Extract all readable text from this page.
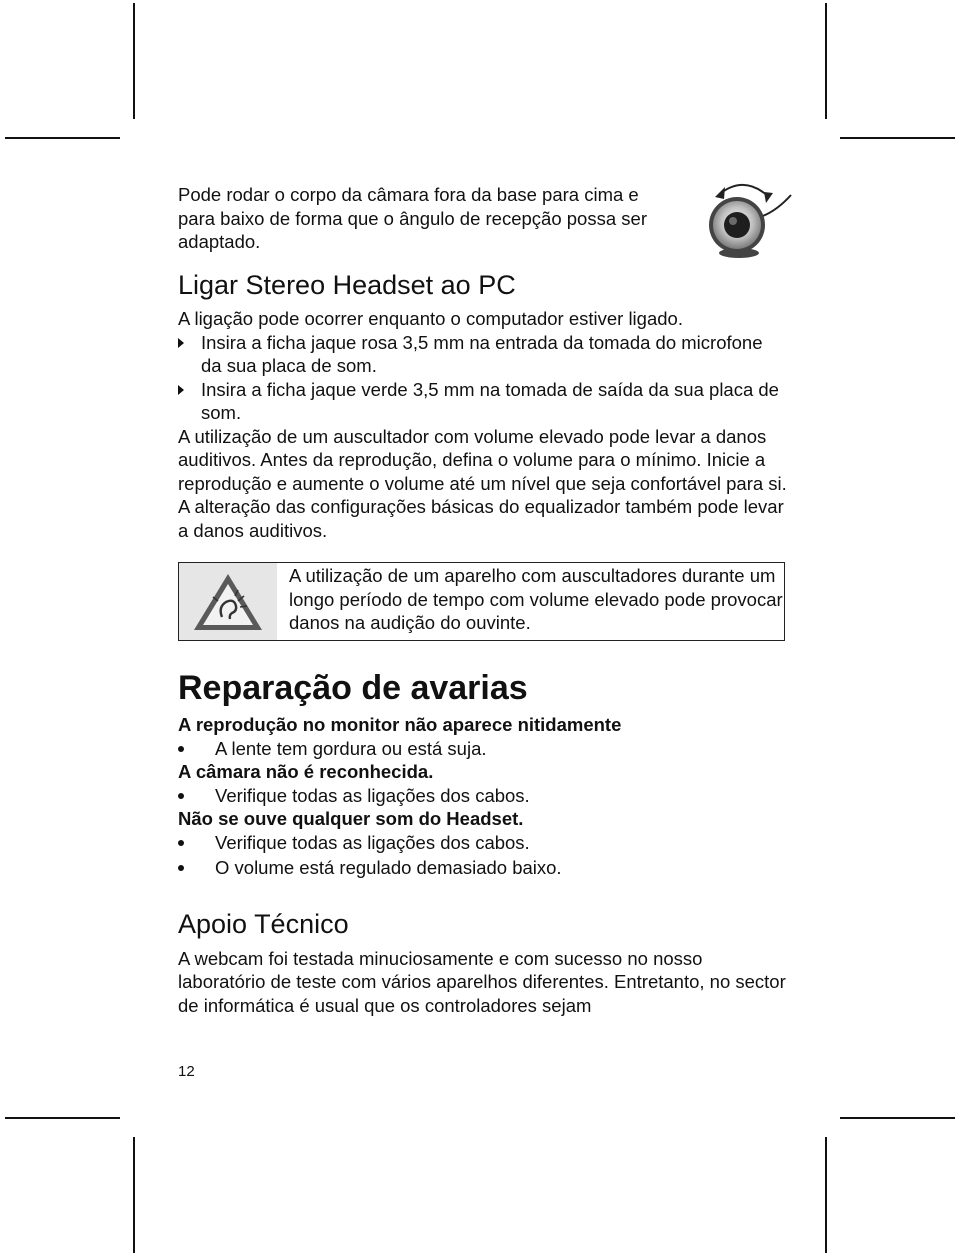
Pode rodar o corpo da câmara fora da base para cima e para baixo de forma que o ângulo de recepção possa ser adaptado.

Ligar Stereo Headset ao PC

A ligação pode ocorrer enquanto o computador estiver ligado.

Insira a ficha jaque rosa 3,5 mm na entrada da tomada do microfone da sua placa de som.

Insira a ficha jaque verde 3,5 mm na tomada de saída da sua placa de som.

A utilização de um auscultador com volume elevado pode levar a danos auditivos. Antes da reprodução, defina o volume para o mínimo. Inicie a reprodução e aumente o volume até um nível que seja confortável para si. A alteração das configurações básicas do equalizador também pode levar a danos auditivos.

A utilização de um aparelho com auscultadores durante um longo período de tempo com volume elevado pode provocar danos na audição do ouvinte.

Reparação de avarias

A reprodução no monitor não aparece nitidamente

A lente tem gordura ou está suja.

A câmara não é reconhecida.

Verifique todas as ligações dos cabos.

Não se ouve qualquer som do Headset.

Verifique todas as ligações dos cabos.

O volume está regulado demasiado baixo.

Apoio Técnico

A webcam foi testada minuciosamente e com sucesso no nosso laboratório de teste com vários aparelhos diferentes. Entretanto, no sector de informática é usual que os controladores sejam

12
